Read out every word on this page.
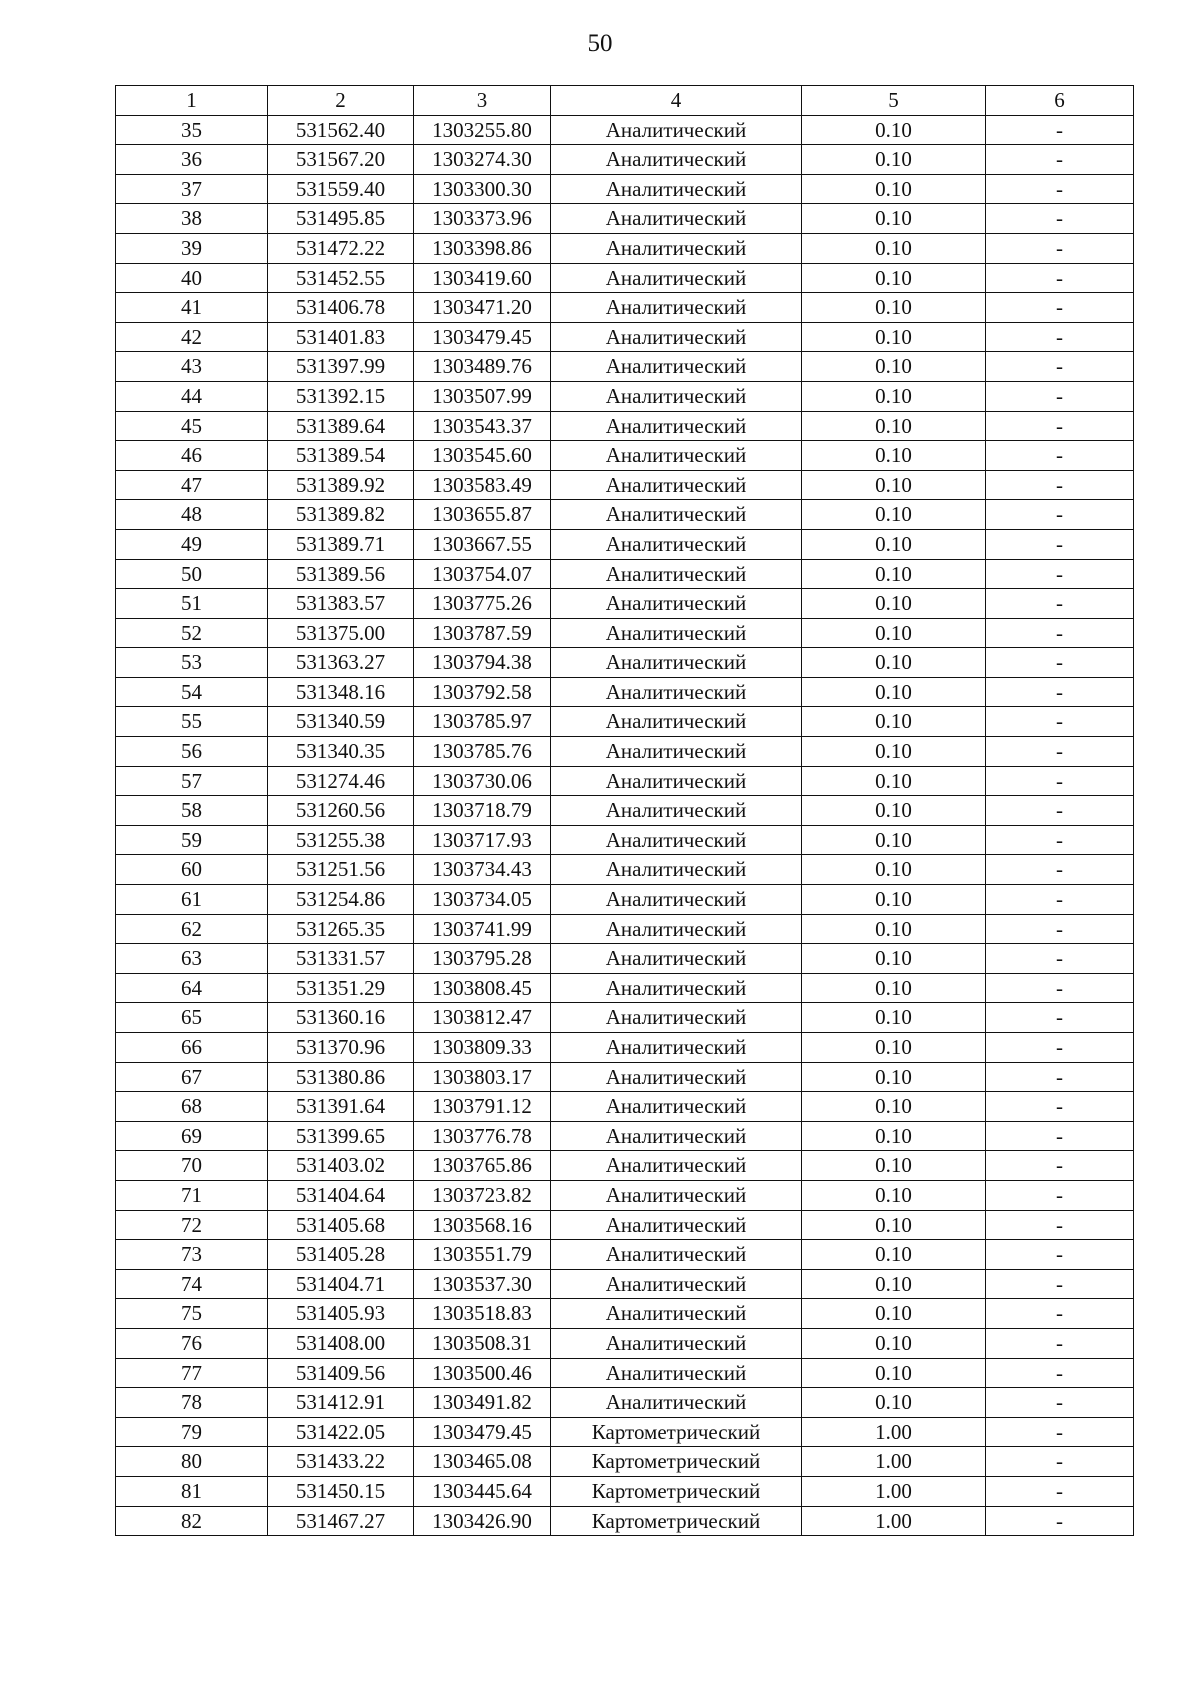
50
1	2	3	4	5	6
35	531562.40	1303255.80	Аналитический	0.10	-
36	531567.20	1303274.30	Аналитический	0.10	-
37	531559.40	1303300.30	Аналитический	0.10	-
38	531495.85	1303373.96	Аналитический	0.10	-
39	531472.22	1303398.86	Аналитический	0.10	-
40	531452.55	1303419.60	Аналитический	0.10	-
41	531406.78	1303471.20	Аналитический	0.10	-
42	531401.83	1303479.45	Аналитический	0.10	-
43	531397.99	1303489.76	Аналитический	0.10	-
44	531392.15	1303507.99	Аналитический	0.10	-
45	531389.64	1303543.37	Аналитический	0.10	-
46	531389.54	1303545.60	Аналитический	0.10	-
47	531389.92	1303583.49	Аналитический	0.10	-
48	531389.82	1303655.87	Аналитический	0.10	-
49	531389.71	1303667.55	Аналитический	0.10	-
50	531389.56	1303754.07	Аналитический	0.10	-
51	531383.57	1303775.26	Аналитический	0.10	-
52	531375.00	1303787.59	Аналитический	0.10	-
53	531363.27	1303794.38	Аналитический	0.10	-
54	531348.16	1303792.58	Аналитический	0.10	-
55	531340.59	1303785.97	Аналитический	0.10	-
56	531340.35	1303785.76	Аналитический	0.10	-
57	531274.46	1303730.06	Аналитический	0.10	-
58	531260.56	1303718.79	Аналитический	0.10	-
59	531255.38	1303717.93	Аналитический	0.10	-
60	531251.56	1303734.43	Аналитический	0.10	-
61	531254.86	1303734.05	Аналитический	0.10	-
62	531265.35	1303741.99	Аналитический	0.10	-
63	531331.57	1303795.28	Аналитический	0.10	-
64	531351.29	1303808.45	Аналитический	0.10	-
65	531360.16	1303812.47	Аналитический	0.10	-
66	531370.96	1303809.33	Аналитический	0.10	-
67	531380.86	1303803.17	Аналитический	0.10	-
68	531391.64	1303791.12	Аналитический	0.10	-
69	531399.65	1303776.78	Аналитический	0.10	-
70	531403.02	1303765.86	Аналитический	0.10	-
71	531404.64	1303723.82	Аналитический	0.10	-
72	531405.68	1303568.16	Аналитический	0.10	-
73	531405.28	1303551.79	Аналитический	0.10	-
74	531404.71	1303537.30	Аналитический	0.10	-
75	531405.93	1303518.83	Аналитический	0.10	-
76	531408.00	1303508.31	Аналитический	0.10	-
77	531409.56	1303500.46	Аналитический	0.10	-
78	531412.91	1303491.82	Аналитический	0.10	-
79	531422.05	1303479.45	Картометрический	1.00	-
80	531433.22	1303465.08	Картометрический	1.00	-
81	531450.15	1303445.64	Картометрический	1.00	-
82	531467.27	1303426.90	Картометрический	1.00	-
